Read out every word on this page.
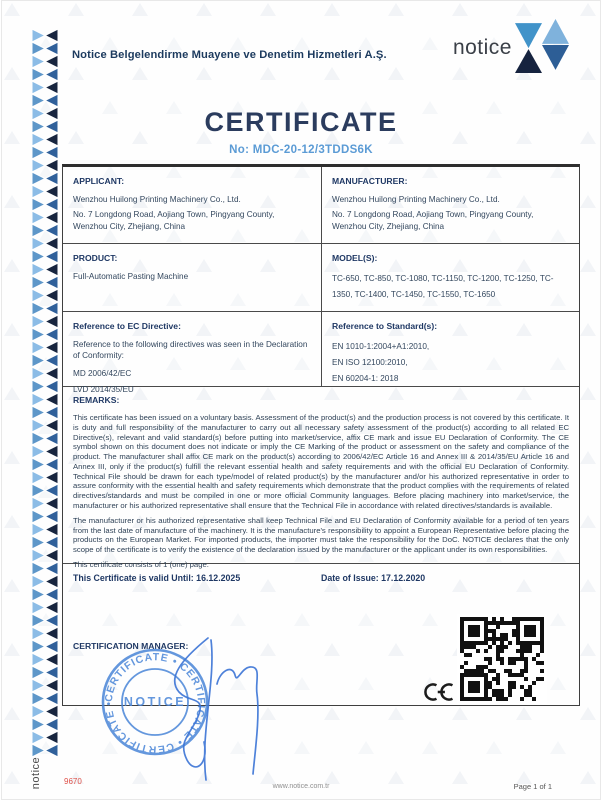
notice	9670
Notice Belgelendirme Muayene ve Denetim Hizmetleri A.Ş.	notice
CERTIFICATE
No: MDC-20-12/3TDDS6K
APPLICANT:
Wenzhou Huilong Printing Machinery Co., Ltd.
No. 7 Longdong Road, Aojiang Town, Pingyang County, Wenzhou City, Zhejiang, China
MANUFACTURER:
Wenzhou Huilong Printing Machinery Co., Ltd.
No. 7 Longdong Road, Aojiang Town, Pingyang County, Wenzhou City, Zhejiang, China
PRODUCT:
Full-Automatic Pasting Machine
MODEL(S):
TC-650, TC-850, TC-1080, TC-1150, TC-1200, TC-1250, TC-1350, TC-1400, TC-1450, TC-1550, TC-1650
Reference to EC Directive:
Reference to the following directives was seen in the Declaration of Conformity:
MD 2006/42/EC
LVD 2014/35/EU
Reference to Standard(s):
EN 1010-1:2004+A1:2010,
EN ISO 12100:2010,
EN 60204-1: 2018
REMARKS:

This certificate has been issued on a voluntary basis. Assessment of the product(s) and the production process is not covered by this certificate. It is duty and full responsibility of the manufacturer to carry out all necessary safety assessment of the product(s) according to all related EC Directive(s), relevant and valid standard(s) before putting into market/service, affix CE mark and issue EU Declaration of Conformity. The CE symbol shown on this document does not indicate or imply the CE Marking of the product or assessment on the safety and compliance of the product. The manufacturer shall affix CE mark on the product(s) according to 2006/42/EC Article 16 and Annex III & 2014/35/EU Article 16 and Annex III, only if the product(s) fulfill the relevant essential health and safety requirements and with the official EU Declaration of Conformity. Technical File should be drawn for each type/model of related product(s) by the manufacturer and/or his authorized representative in order to assure conformity with the essential health and safety requirements which demonstrate that the product complies with the requirements of related directives/standards and must be compiled in one or more official Community languages. Before placing machinery into market/service, the manufacturer or his authorized representative shall ensure that the Technical File in accordance with related directives/standards is available.

The manufacturer or his authorized representative shall keep Technical File and EU Declaration of Conformity available for a period of ten years from the last date of manufacture of the machinery. It is the manufacture's responsibility to appoint a European Representative before placing the products on the European Market. For imported products, the importer must take the responsibility for the DoC. NOTICE declares that the only scope of the certificate is to verify the existence of the declaration issued by the manufacturer or the applicant under its own responsibilities.

This certificate consists of 1 (one) page.

This Certificate is valid Until: 16.12.2025	Date of Issue: 17.12.2020
CERTIFICATION MANAGER:
CERTIFICATE • CERTIFICATE • CERTIFICATE • NOTICE
www.notice.com.tr	Page 1 of 1
